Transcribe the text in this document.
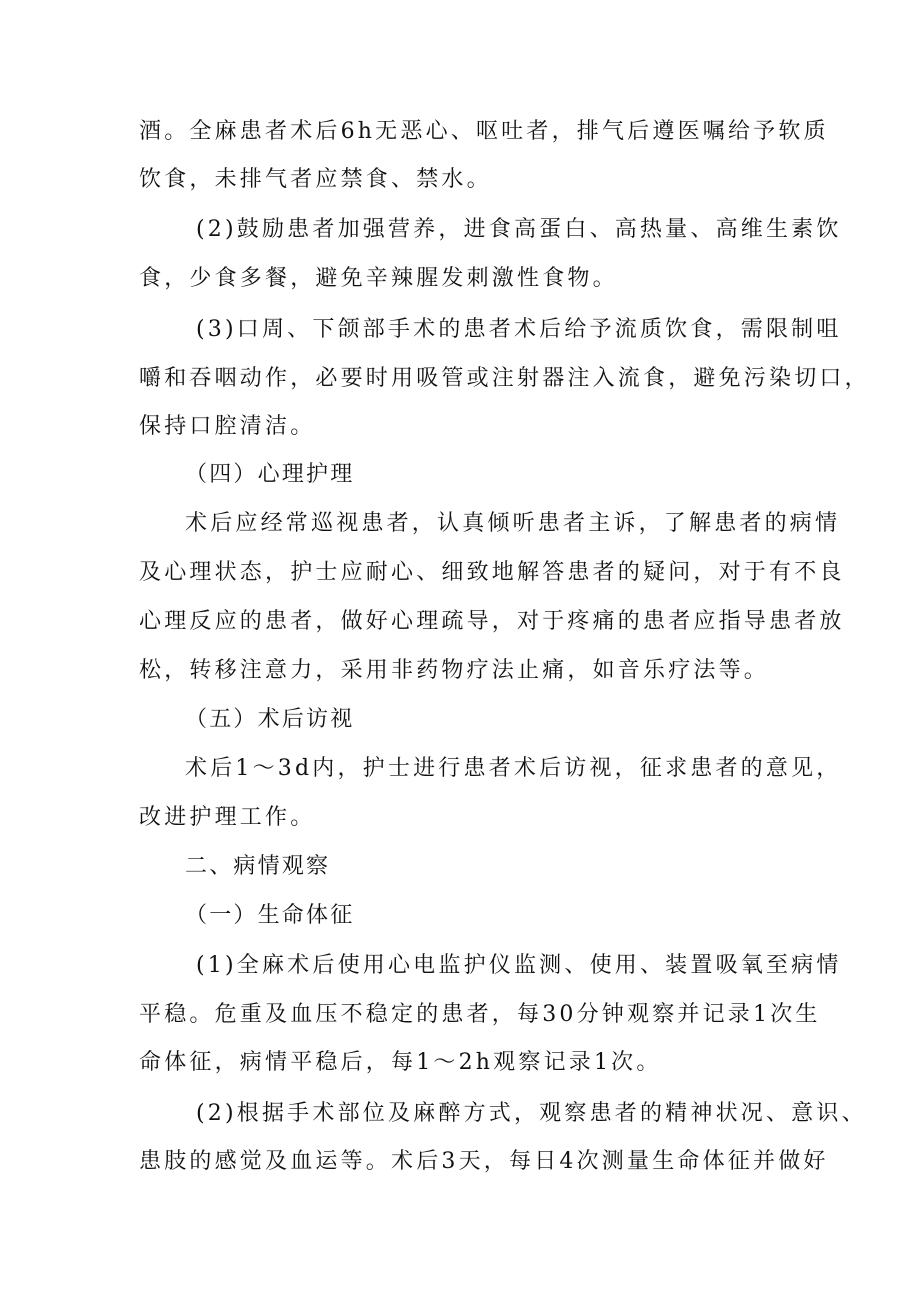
酒。全麻患者术后6h无恶心、呕吐者，排气后遵医嘱给予软质

饮食，未排气者应禁食、禁水。

(2)鼓励患者加强营养，进食高蛋白、高热量、高维生素饮

食，少食多餐，避免辛辣腥发刺激性食物。

(3)口周、下颌部手术的患者术后给予流质饮食，需限制咀

嚼和吞咽动作，必要时用吸管或注射器注入流食，避免污染切口，

保持口腔清洁。

（四）心理护理

术后应经常巡视患者，认真倾听患者主诉，了解患者的病情

及心理状态，护士应耐心、细致地解答患者的疑问，对于有不良

心理反应的患者，做好心理疏导，对于疼痛的患者应指导患者放

松，转移注意力，采用非药物疗法止痛，如音乐疗法等。

（五）术后访视

术后1～3d内，护士进行患者术后访视，征求患者的意见，

改进护理工作。

二、病情观察

（一）生命体征

(1)全麻术后使用心电监护仪监测、使用、装置吸氧至病情

平稳。危重及血压不稳定的患者，每30分钟观察并记录1次生

命体征，病情平稳后，每1～2h观察记录1次。

(2)根据手术部位及麻醉方式，观察患者的精神状况、意识、

患肢的感觉及血运等。术后3天，每日4次测量生命体征并做好
